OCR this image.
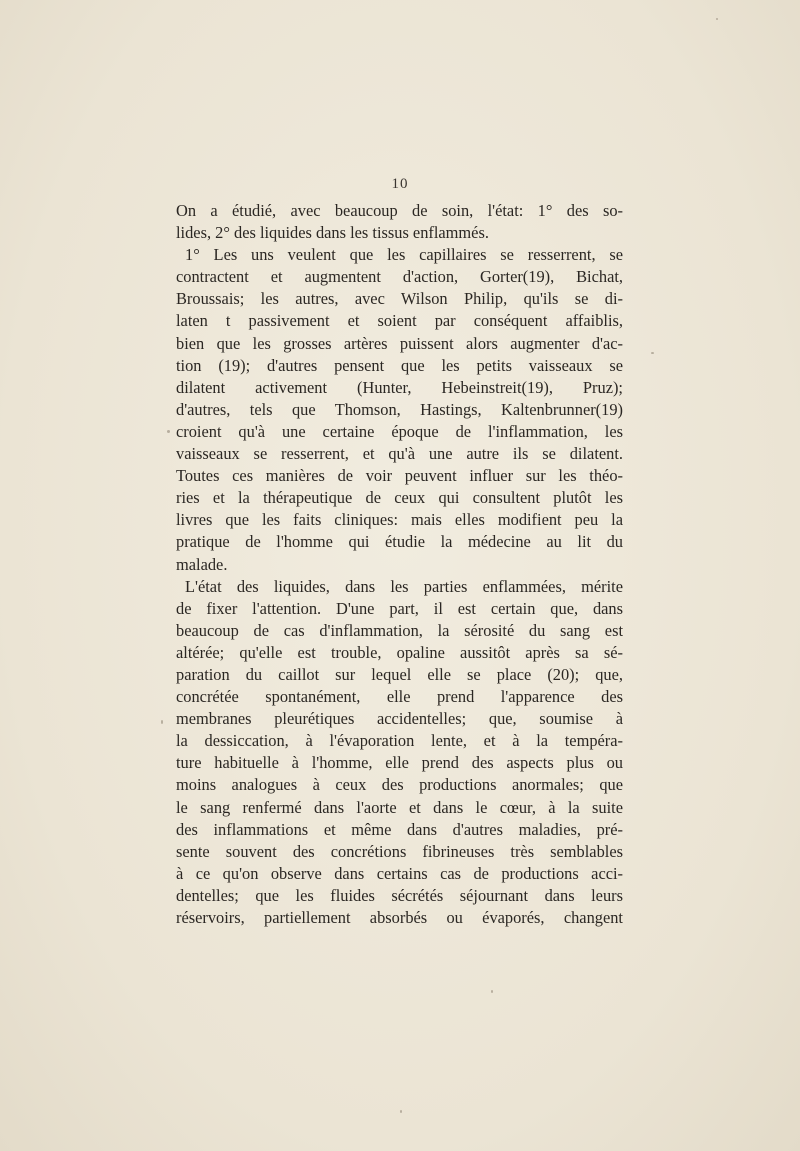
10
On a étudié, avec beaucoup de soin, l'état: 1° des so-
lides, 2° des liquides dans les tissus enflammés.
1° Les uns veulent que les capillaires se resserrent, se
contractent et augmentent d'action, Gorter(19), Bichat,
Broussais; les autres, avec Wilson Philip, qu'ils se di-
laten t passivement et soient par conséquent affaiblis,
bien que les grosses artères puissent alors augmenter d'ac-
tion (19); d'autres pensent que les petits vaisseaux se
dilatent activement (Hunter, Hebeinstreit(19), Pruz);
d'autres, tels que Thomson, Hastings, Kaltenbrunner(19)
croient qu'à une certaine époque de l'inflammation, les
vaisseaux se resserrent, et qu'à une autre ils se dilatent.
Toutes ces manières de voir peuvent influer sur les théo-
ries et la thérapeutique de ceux qui consultent plutôt les
livres que les faits cliniques: mais elles modifient peu la
pratique de l'homme qui étudie la médecine au lit du
malade.
L'état des liquides, dans les parties enflammées, mérite
de fixer l'attention. D'une part, il est certain que, dans
beaucoup de cas d'inflammation, la sérosité du sang est
altérée; qu'elle est trouble, opaline aussitôt après sa sé-
paration du caillot sur lequel elle se place (20); que,
concrétée spontanément, elle prend l'apparence des
membranes pleurétiques accidentelles; que, soumise à
la dessiccation, à l'évaporation lente, et à la tempéra-
ture habituelle à l'homme, elle prend des aspects plus ou
moins analogues à ceux des productions anormales; que
le sang renfermé dans l'aorte et dans le cœur, à la suite
des inflammations et même dans d'autres maladies, pré-
sente souvent des concrétions fibrineuses très semblables
à ce qu'on observe dans certains cas de productions acci-
dentelles; que les fluides sécrétés séjournant dans leurs
réservoirs, partiellement absorbés ou évaporés, changent
